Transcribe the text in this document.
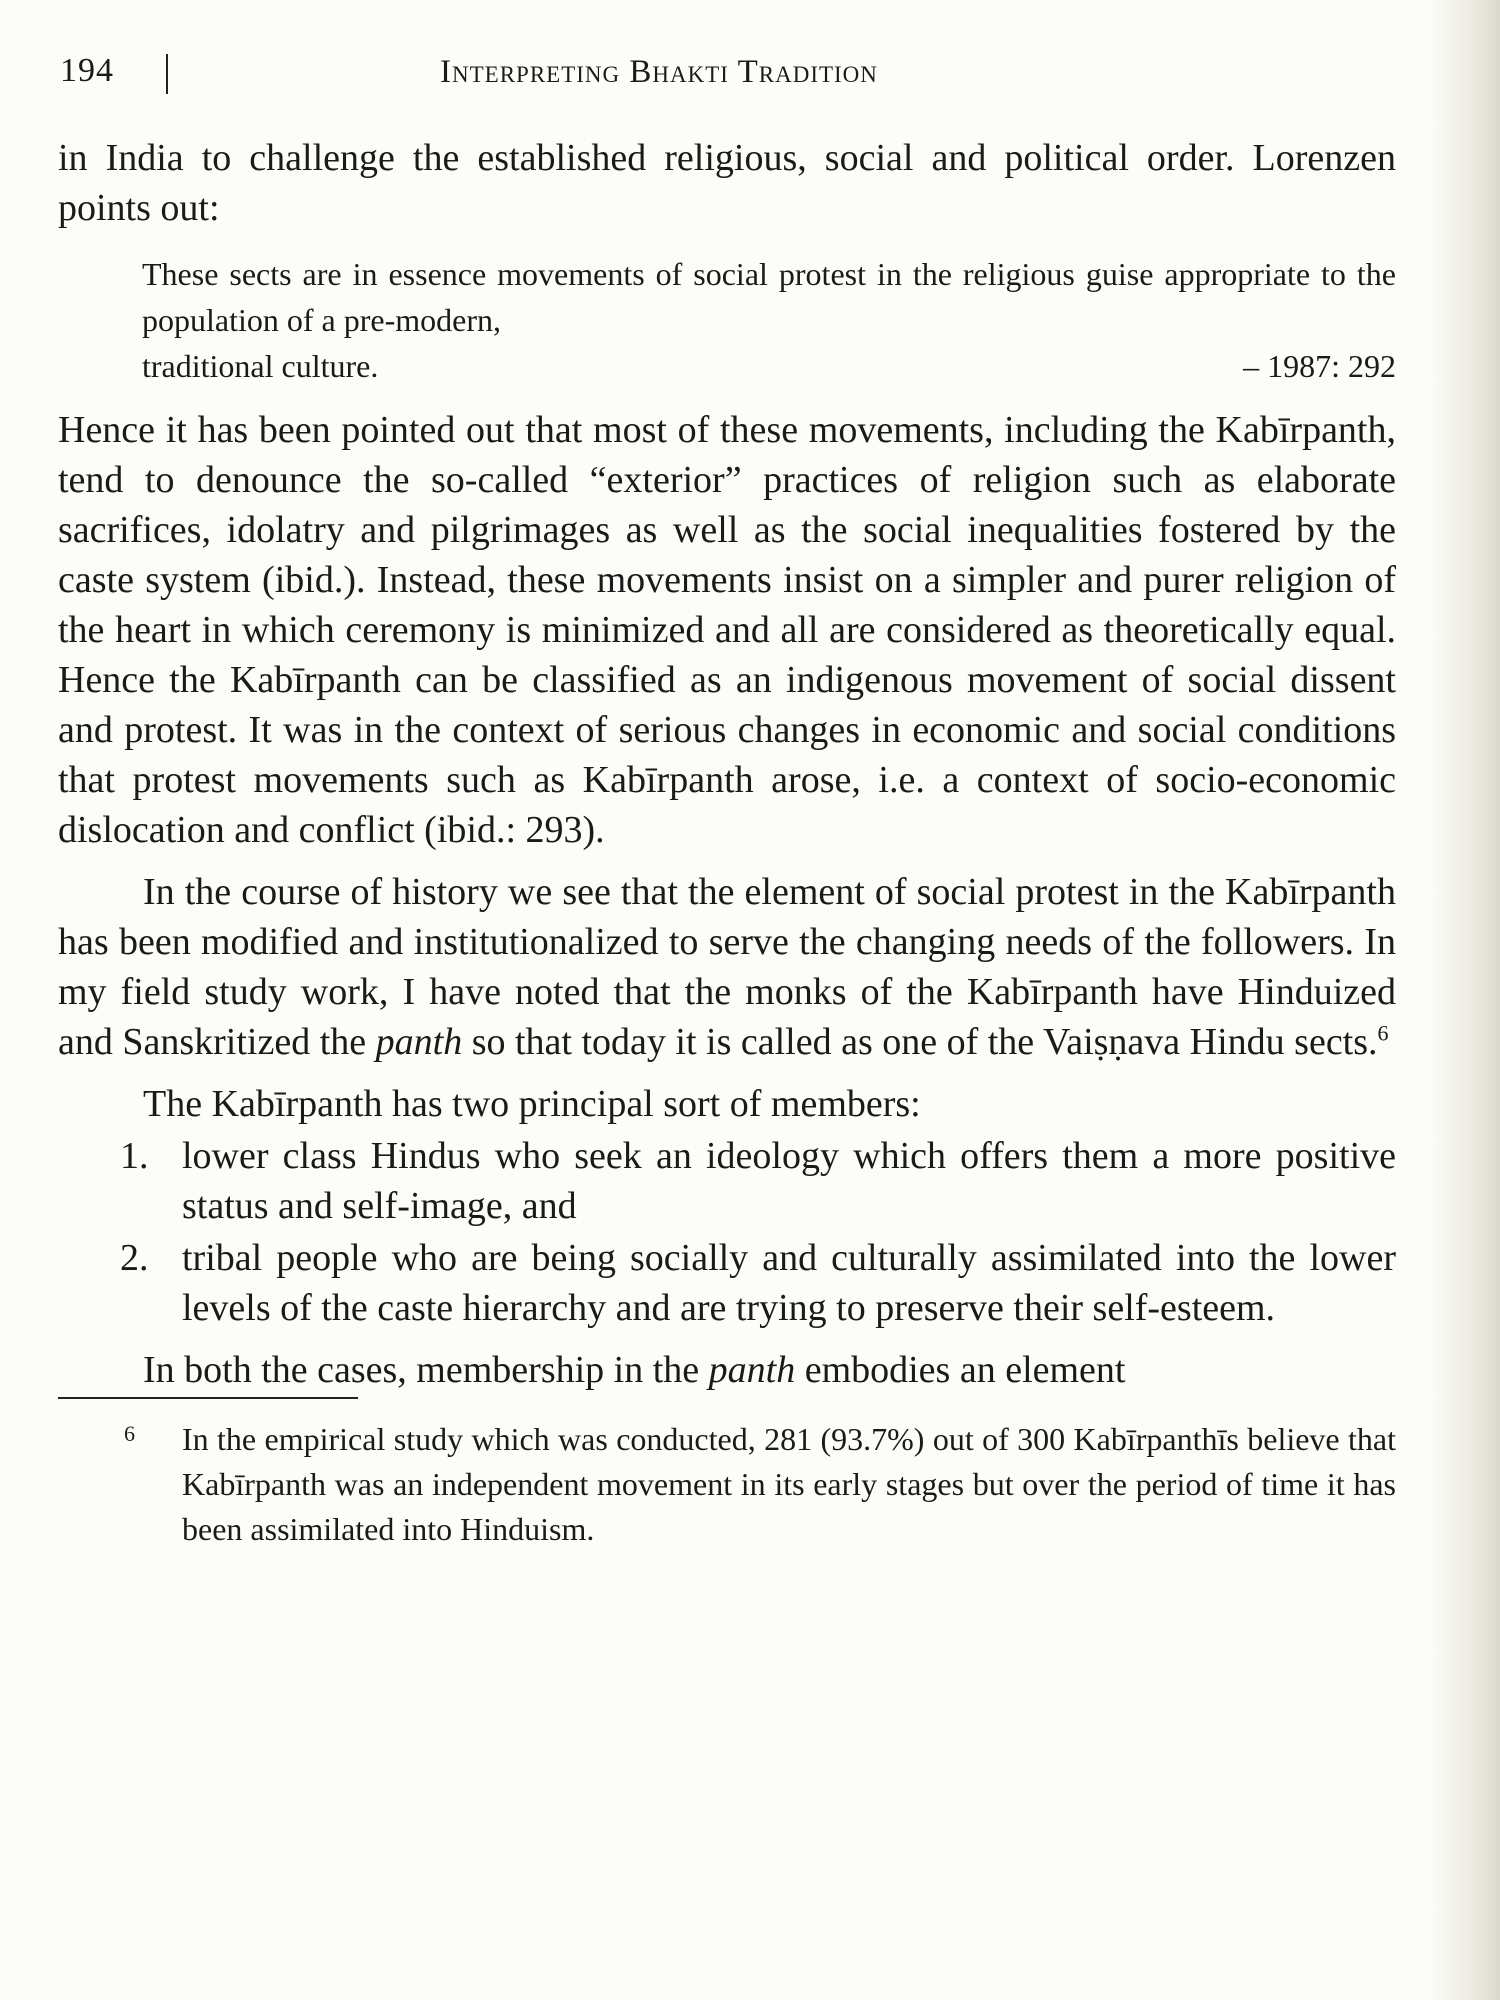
194	Interpreting Bhakti Tradition

in India to challenge the established religious, social and political order. Lorenzen points out:

These sects are in essence movements of social protest in the religious guise appropriate to the population of a pre-modern,
traditional culture.	– 1987: 292

Hence it has been pointed out that most of these movements, including the Kabīrpanth, tend to denounce the so-called “exterior” practices of religion such as elaborate sacrifices, idolatry and pilgrimages as well as the social inequalities fostered by the caste system (ibid.). Instead, these movements insist on a simpler and purer religion of the heart in which ceremony is minimized and all are considered as theoretically equal. Hence the Kabīrpanth can be classified as an indigenous movement of social dissent and protest. It was in the context of serious changes in economic and social conditions that protest movements such as Kabīrpanth arose, i.e. a context of socio-economic dislocation and conflict (ibid.: 293).

In the course of history we see that the element of social protest in the Kabīrpanth has been modified and institutionalized to serve the changing needs of the followers. In my field study work, I have noted that the monks of the Kabīrpanth have Hinduized and Sanskritized the panth so that today it is called as one of the Vaiṣṇava Hindu sects.$^6$

The Kabīrpanth has two principal sort of members:

1. lower class Hindus who seek an ideology which offers them a more positive status and self-image, and
2. tribal people who are being socially and culturally assimilated into the lower levels of the caste hierarchy and are trying to preserve their self-esteem.

In both the cases, membership in the panth embodies an element

6 In the empirical study which was conducted, 281 (93.7%) out of 300 Kabīrpanthīs believe that Kabīrpanth was an independent movement in its early stages but over the period of time it has been assimilated into Hinduism.
